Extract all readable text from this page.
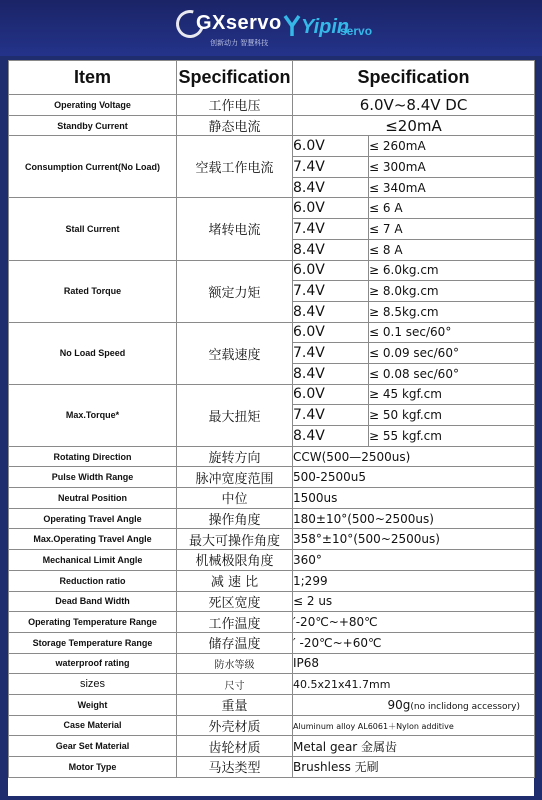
GXservo
创新动力 智慧科技
Yipin
servo
Item	Specification	Specification	
Operating Voltage	工作电压	6.0V~8.4V DC	
Standby Current	静态电流	≤20mA	
Consumption Current(No Load)	空载工作电流	6.0V	≤ 260mA
		7.4V	≤ 300mA
		8.4V	≤ 340mA
Stall Current	堵转电流	6.0V	≤ 6 A
		7.4V	≤ 7 A
		8.4V	≤ 8 A
Rated Torque	额定力矩	6.0V	≥ 6.0kg.cm
		7.4V	≥ 8.0kg.cm
		8.4V	≥ 8.5kg.cm
No Load Speed	空载速度	6.0V	≤ 0.1 sec/60°
		7.4V	≤ 0.09 sec/60°
		8.4V	≤ 0.08 sec/60°
Max.Torque*	最大扭矩	6.0V	≥ 45 kgf.cm
		7.4V	≥ 50 kgf.cm
		8.4V	≥ 55 kgf.cm
Rotating Direction	旋转方向	CCW(500—2500us)	
Pulse Width Range	脉冲宽度范围	500-2500u5	
Neutral Position	中位	1500us	
Operating Travel Angle	操作角度	180±10°(500~2500us)	
Max.Operating Travel Angle	最大可操作角度	358°±10°(500~2500us)	
Mechanical Limit Angle	机械极限角度	360°	
Reduction ratio	减 速 比	1;299	
Dead Band Width	死区宽度	≤ 2 us	
Operating Temperature Range	工作温度	′-20℃~+80℃	
Storage Temperature Range	储存温度	′ -20℃~+60℃	
waterproof rating	防水等级	IP68	
sizes	尺寸	40.5x21x41.7mm	
Weight	重量	90g(no inclidong accessory)	
Case Material	外壳材质	Aluminum alloy AL6061＋Nylon additive	
Gear Set Material	齿轮材质	Metal gear 金属齿	
Motor Type	马达类型	Brushless 无刷	
